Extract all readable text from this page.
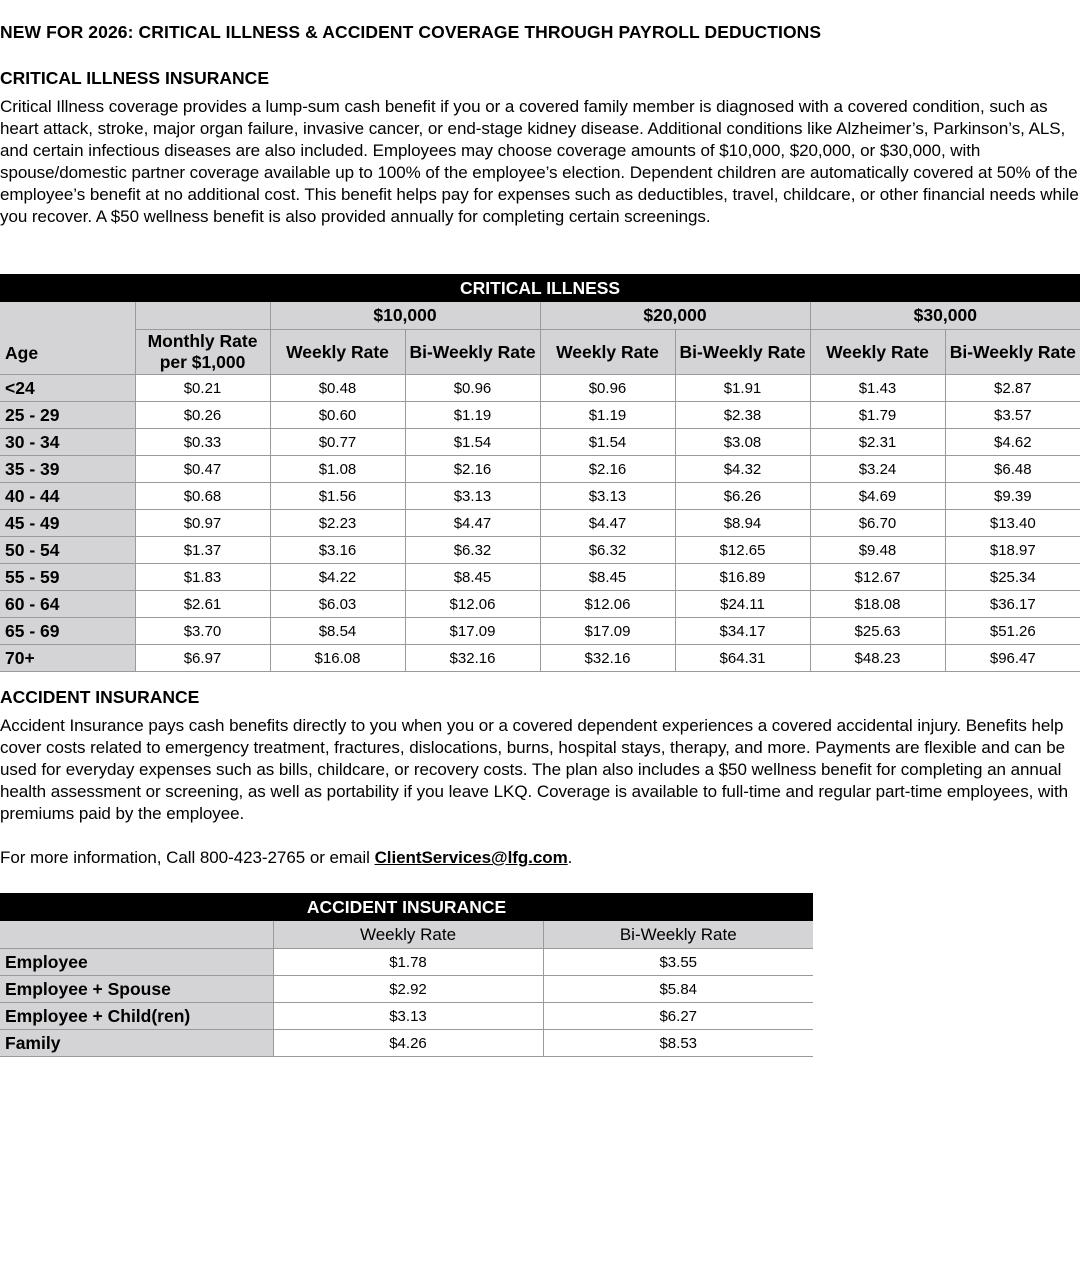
NEW FOR 2026: CRITICAL ILLNESS & ACCIDENT COVERAGE THROUGH PAYROLL DEDUCTIONS
CRITICAL ILLNESS INSURANCE

Critical Illness coverage provides a lump-sum cash benefit if you or a covered family member is diagnosed with a covered condition, such as heart attack, stroke, major organ failure, invasive cancer, or end-stage kidney disease. Additional conditions like Alzheimer’s, Parkinson’s, ALS, and certain infectious diseases are also included. Employees may choose coverage amounts of $10,000, $20,000, or $30,000, with spouse/domestic partner coverage available up to 100% of the employee’s election. Dependent children are automatically covered at 50% of the employee’s benefit at no additional cost. This benefit helps pay for expenses such as deductibles, travel, childcare, or other financial needs while you recover. A $50 wellness benefit is also provided annually for completing certain screenings.

CRITICAL ILLNESS							
Age		$10,000		$20,000		$30,000	
	Monthly Rate per $1,000	Weekly Rate	Bi-Weekly Rate	Weekly Rate	Bi-Weekly Rate	Weekly Rate	Bi-Weekly Rate
<24	$0.21	$0.48	$0.96	$0.96	$1.91	$1.43	$2.87
25 - 29	$0.26	$0.60	$1.19	$1.19	$2.38	$1.79	$3.57
30 - 34	$0.33	$0.77	$1.54	$1.54	$3.08	$2.31	$4.62
35 - 39	$0.47	$1.08	$2.16	$2.16	$4.32	$3.24	$6.48
40 - 44	$0.68	$1.56	$3.13	$3.13	$6.26	$4.69	$9.39
45 - 49	$0.97	$2.23	$4.47	$4.47	$8.94	$6.70	$13.40
50 - 54	$1.37	$3.16	$6.32	$6.32	$12.65	$9.48	$18.97
55 - 59	$1.83	$4.22	$8.45	$8.45	$16.89	$12.67	$25.34
60 - 64	$2.61	$6.03	$12.06	$12.06	$24.11	$18.08	$36.17
65 - 69	$3.70	$8.54	$17.09	$17.09	$34.17	$25.63	$51.26
70+	$6.97	$16.08	$32.16	$32.16	$64.31	$48.23	$96.47
ACCIDENT INSURANCE

Accident Insurance pays cash benefits directly to you when you or a covered dependent experiences a covered accidental injury. Benefits help cover costs related to emergency treatment, fractures, dislocations, burns, hospital stays, therapy, and more. Payments are flexible and can be used for everyday expenses such as bills, childcare, or recovery costs. The plan also includes a $50 wellness benefit for completing an annual health assessment or screening, as well as portability if you leave LKQ. Coverage is available to full-time and regular part-time employees, with premiums paid by the employee.

For more information, Call 800-423-2765 or email ClientServices@lfg.com.

ACCIDENT INSURANCE		
	Weekly Rate	Bi-Weekly Rate
Employee	$1.78	$3.55
Employee + Spouse	$2.92	$5.84
Employee + Child(ren)	$3.13	$6.27
Family	$4.26	$8.53
